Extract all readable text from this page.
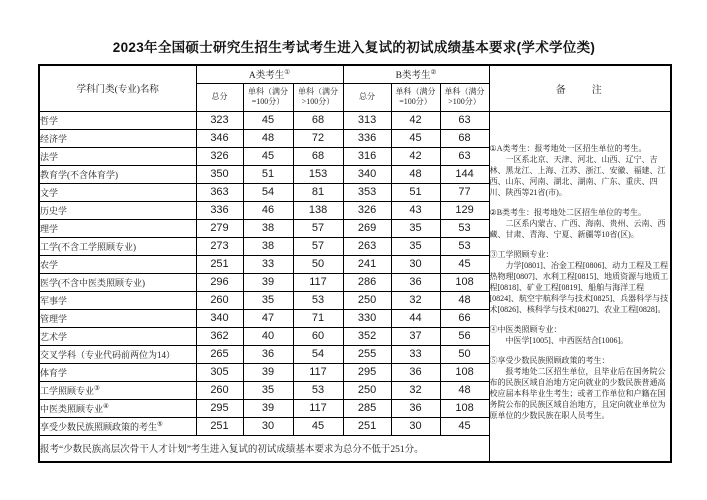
2023年全国硕士研究生招生考试考生进入复试的初试成绩基本要求(学术学位类)
学科门类(专业)名称	A类考生①			B类考生②			备　　注
	总分	单科（满分=100分）	单科（满分>100分）	总分	单科（满分=100分）	单科（满分>100分）	
哲学	323	45	68	313	42	63	
①A类考生：报考地处一区招生单位的考生。

一区系北京、天津、河北、山西、辽宁、吉林、黑龙江、上海、江苏、浙江、安徽、福建、江西、山东、河南、湖北、湖南、广东、重庆、四川、陕西等21省(市)。

②B类考生：报考地处二区招生单位的考生。

二区系内蒙古、广西、海南、贵州、云南、西藏、甘肃、青海、宁夏、新疆等10省(区)。

③工学照顾专业：

力学[0801]、冶金工程[0806]、动力工程及工程热物理[0807]、水利工程[0815]、地质资源与地质工程[0818]、矿业工程[0819]、船舶与海洋工程[0824]、航空宇航科学与技术[0825]、兵器科学与技术[0826]、核科学与技术[0827]、农业工程[0828]。

④中医类照顾专业：

中医学[1005]、中西医结合[1006]。

⑤享受少数民族照顾政策的考生：

报考地处二区招生单位，且毕业后在国务院公布的民族区域自治地方定向就业的少数民族普通高校应届本科毕业生考生；或者工作单位和户籍在国务院公布的民族区域自治地方，且定向就业单位为原单位的少数民族在职人员考生。

经济学	346	48	72	336	45	68	
法学	326	45	68	316	42	63	
教育学(不含体育学)	350	51	153	340	48	144	
文学	363	54	81	353	51	77	
历史学	336	46	138	326	43	129	
理学	279	38	57	269	35	53	
工学(不含工学照顾专业)	273	38	57	263	35	53	
农学	251	33	50	241	30	45	
医学(不含中医类照顾专业)	296	39	117	286	36	108	
军事学	260	35	53	250	32	48	
管理学	340	47	71	330	44	66	
艺术学	362	40	60	352	37	56	
交叉学科（专业代码前两位为14）	265	36	54	255	33	50	
体育学	305	39	117	295	36	108	
工学照顾专业③	260	35	53	250	32	48	
中医类照顾专业④	295	39	117	285	36	108	
享受少数民族照顾政策的考生⑤	251	30	45	251	30	45	
报考“少数民族高层次骨干人才计划”考生进入复试的初试成绩基本要求为总分不低于251分。							
